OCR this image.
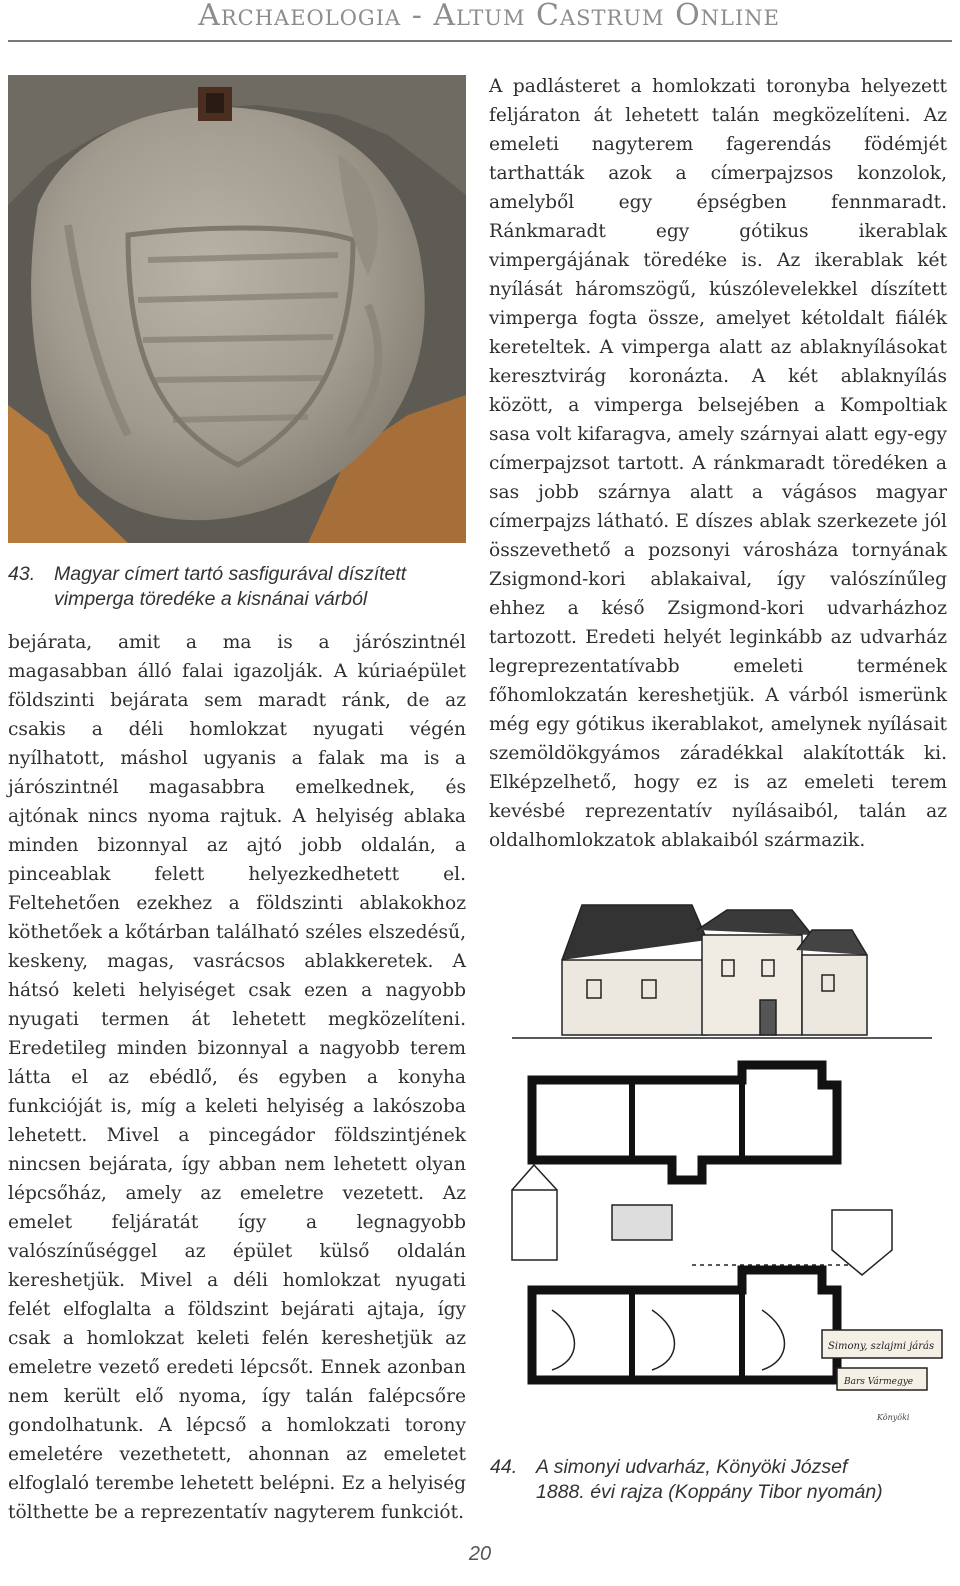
Archaeologia - Altum Castrum Online
43. Magyar címert tartó sasfigurával díszített
vimperga töredéke a kisnánai várból
bejárata, amit a ma is a járószintnél magasabban álló falai igazolják. A kúriaépület földszinti bejárata sem maradt ránk, de az csakis a déli homlokzat nyugati végén nyílhatott, máshol ugyanis a falak ma is a járószintnél magasabbra emelkednek, és ajtónak nincs nyoma rajtuk. A helyiség ablaka minden bizonnyal az ajtó jobb oldalán, a pinceablak felett helyezkedhetett el. Feltehetően ezekhez a földszinti ablakokhoz köthetőek a kőtárban található széles elszedésű, keskeny, magas, vasrácsos ablakkeretek. A hátsó keleti helyiséget csak ezen a nagyobb nyugati termen át lehetett megközelíteni. Eredetileg minden bizonnyal a nagyobb terem látta el az ebédlő, és egyben a konyha funkcióját is, míg a keleti helyiség a lakószoba lehetett. Mivel a pincegádor földszintjének nincsen bejárata, így abban nem lehetett olyan lépcsőház, amely az emeletre vezetett. Az emelet feljáratát így a legnagyobb valószínűséggel az épület külső oldalán kereshetjük. Mivel a déli homlokzat nyugati felét elfoglalta a földszint bejárati ajtaja, így csak a homlokzat keleti felén kereshetjük az emeletre vezető eredeti lépcsőt. Ennek azonban nem került elő nyoma, így talán falépcsőre gondolhatunk. A lépcső a homlokzati torony emeletére vezethetett, ahonnan az emeletet elfoglaló terembe lehetett belépni. Ez a helyiség tölthette be a reprezentatív nagyterem funkciót.
A padlásteret a homlokzati toronyba helyezett feljáraton át lehetett talán megközelíteni. Az emeleti nagyterem fagerendás födémjét tarthatták azok a címerpajzsos konzolok, amelyből egy épségben fennmaradt. Ránkmaradt egy gótikus ikerablak vimpergájának töredéke is. Az ikerablak két nyílását háromszögű, kúszólevelekkel díszített vimperga fogta össze, amelyet kétoldalt fiálék kereteltek. A vimperga alatt az ablaknyílásokat keresztvirág koronázta. A két ablaknyílás között, a vimperga belsejében a Kompoltiak sasa volt kifaragva, amely szárnyai alatt egy-egy címerpajzsot tartott. A ránkmaradt töredéken a sas jobb szárnya alatt a vágásos magyar címerpajzs látható. E díszes ablak szerkezete jól összevethető a pozsonyi városháza tornyának Zsigmond-kori ablakaival, így valószínűleg ehhez a késő Zsigmond-kori udvarházhoz tartozott. Eredeti helyét leginkább az udvarház legreprezentatívabb emeleti termének főhomlokzatán kereshetjük. A várból ismerünk még egy gótikus ikerablakot, amelynek nyílásait szemöldökgyámos záradékkal alakították ki. Elképzelhető, hogy ez is az emeleti terem kevésbé reprezentatív nyílásaiból, talán az oldalhomlokzatok ablakaiból származik.
Simony, szlajmi járás
Bars Vármegye
Könyöki
44. A simonyi udvarház, Könyöki József
1888. évi rajza (Koppány Tibor nyomán)
20
